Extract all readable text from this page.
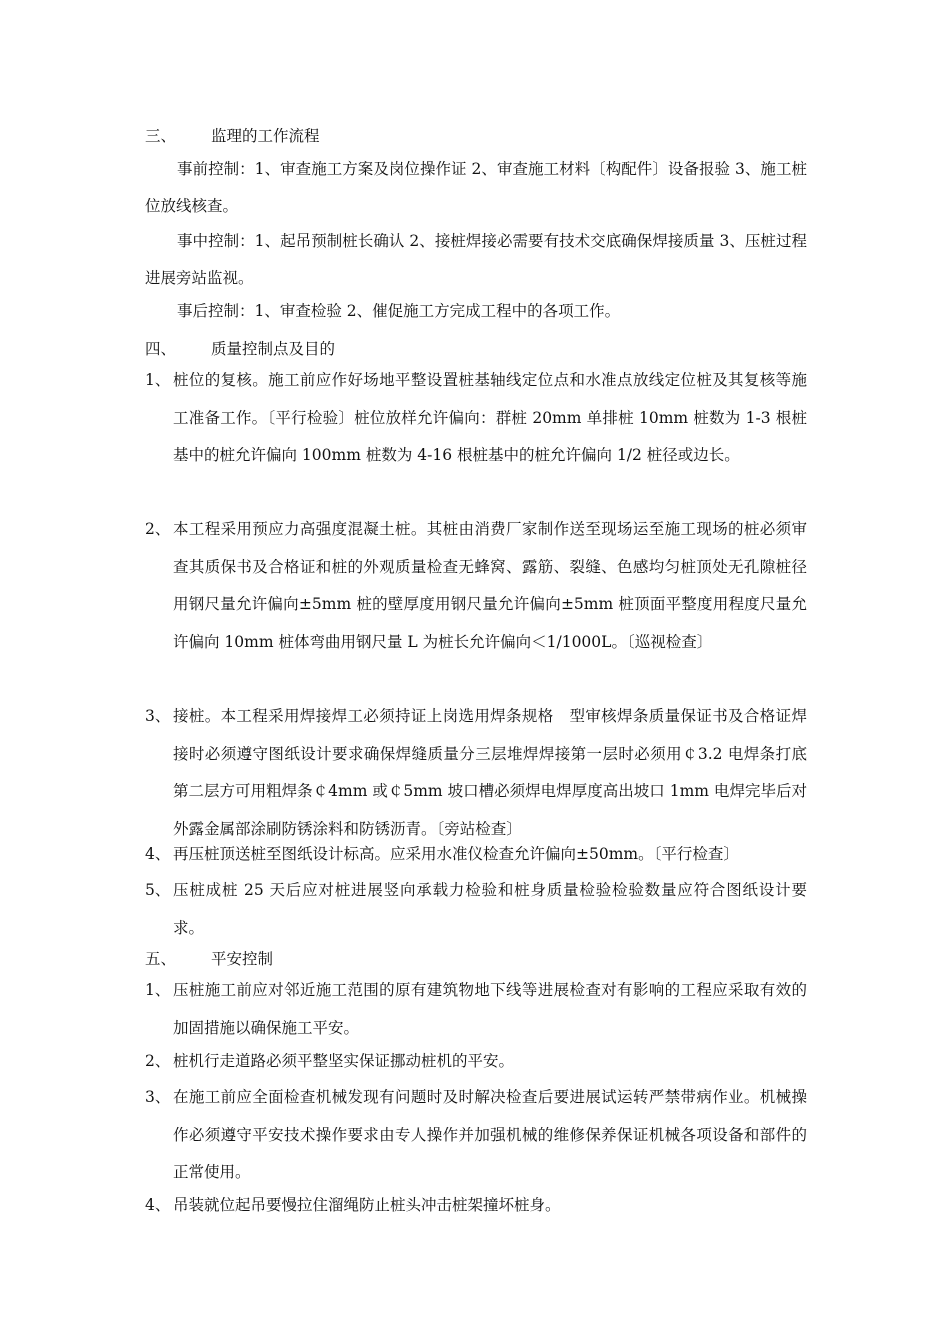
三、 监理的工作流程
事前控制：1、审查施工方案及岗位操作证 2、审查施工材料〔构配件〕设备报验 3、施工桩位放线核查。
事中控制：1、起吊预制桩长确认 2、接桩焊接必需要有技术交底确保焊接质量 3、压桩过程进展旁站监视。
事后控制：1、审查检验 2、催促施工方完成工程中的各项工作。
四、 质量控制点及目的
1、 桩位的复核。施工前应作好场地平整设置桩基轴线定位点和水准点放线定位桩及其复核等施工准备工作。〔平行检验〕桩位放样允许偏向：群桩 20mm 单排桩 10mm 桩数为 1-3 根桩基中的桩允许偏向 100mm 桩数为 4-16 根桩基中的桩允许偏向 1/2 桩径或边长。
2、 本工程采用预应力高强度混凝土桩。其桩由消费厂家制作送至现场运至施工现场的桩必须审查其质保书及合格证和桩的外观质量检查无蜂窝、露筋、裂缝、色感均匀桩顶处无孔隙桩径用钢尺量允许偏向±5mm 桩的壁厚度用钢尺量允许偏向±5mm 桩顶面平整度用程度尺量允许偏向 10mm 桩体弯曲用钢尺量 L 为桩长允许偏向＜1/1000L。〔巡视检查〕
3、 接桩。本工程采用焊接焊工必须持证上岗选用焊条规格　型审核焊条质量保证书及合格证焊接时必须遵守图纸设计要求确保焊缝质量分三层堆焊焊接第一层时必须用￠3.2 电焊条打底第二层方可用粗焊条￠4mm 或￠5mm 坡口槽必须焊电焊厚度高出坡口 1mm 电焊完毕后对外露金属部涂刷防锈涂料和防锈沥青。〔旁站检查〕
4、 再压桩顶送桩至图纸设计标高。应采用水准仪检查允许偏向±50mm。〔平行检查〕
5、 压桩成桩 25 天后应对桩进展竖向承载力检验和桩身质量检验检验数量应符合图纸设计要求。
五、 平安控制
1、 压桩施工前应对邻近施工范围的原有建筑物地下线等进展检查对有影响的工程应采取有效的加固措施以确保施工平安。
2、 桩机行走道路必须平整坚实保证挪动桩机的平安。
3、 在施工前应全面检查机械发现有问题时及时解决检查后要进展试运转严禁带病作业。机械操作必须遵守平安技术操作要求由专人操作并加强机械的维修保养保证机械各项设备和部件的正常使用。
4、 吊装就位起吊要慢拉住溜绳防止桩头冲击桩架撞坏桩身。
